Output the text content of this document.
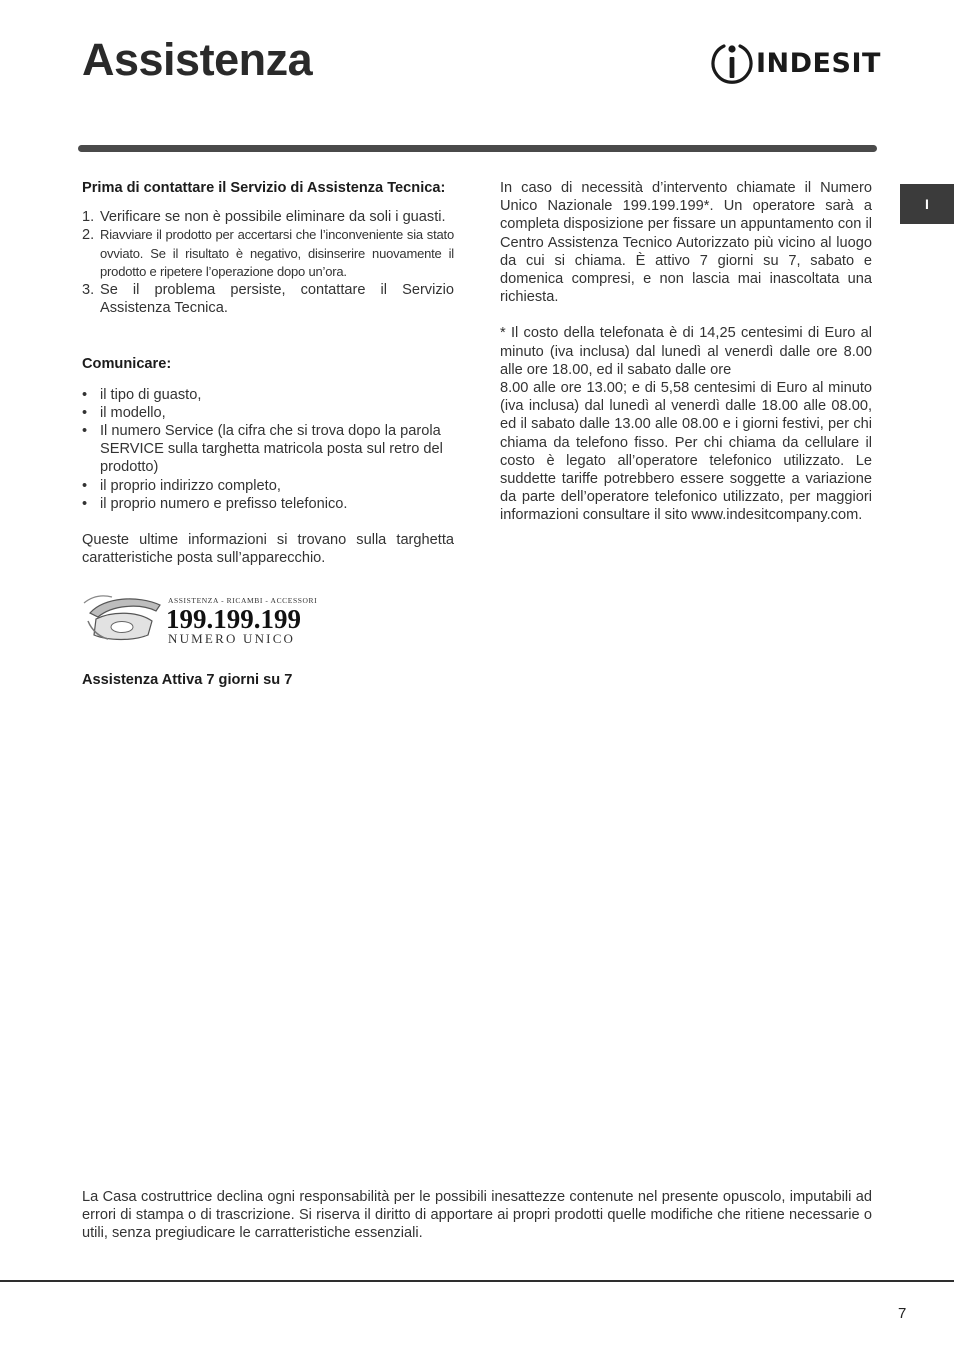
Assistenza	INDESIT
I

Prima di contattare il Servizio di Assistenza Tecnica:

1. Verificare se non è possibile eliminare da soli i guasti.
2. Riavviare il prodotto per accertarsi che l’inconveniente sia stato ovviato. Se il risultato è negativo, disinserire nuovamente il prodotto e ripetere l’operazione dopo un’ora.
3. Se il problema persiste, contattare il Servizio Assistenza Tecnica.

Comunicare:

• il tipo di guasto,
• il modello,
• Il numero Service (la cifra che si trova dopo la parola SERVICE sulla targhetta matricola posta sul retro del prodotto)
• il proprio indirizzo completo,
• il proprio numero e prefisso telefonico.

Queste ultime informazioni si trovano sulla targhetta caratteristiche posta sull’apparecchio.

ASSISTENZA - RICAMBI - ACCESSORI
199.199.199
NUMERO UNICO

Assistenza Attiva 7 giorni su 7

In caso di necessità d’intervento chiamate il Numero Unico Nazionale 199.199.199*. Un operatore sarà a completa disposizione per fissare un appuntamento con il Centro Assistenza Tecnico Autorizzato più vicino al luogo da cui si chiama. È attivo 7 giorni su 7, sabato e domenica compresi, e non lascia mai inascoltata una richiesta.

* Il costo della telefonata è di 14,25 centesimi di Euro al minuto (iva inclusa) dal lunedì al venerdì dalle ore 8.00 alle ore 18.00, ed il sabato dalle ore

8.00 alle ore 13.00; e di 5,58 centesimi di Euro al minuto (iva inclusa) dal lunedì al venerdì dalle 18.00 alle 08.00, ed il sabato dalle 13.00 alle 08.00 e i giorni festivi, per chi chiama da telefono fisso. Per chi chiama da cellulare il costo è legato all’operatore telefonico utilizzato. Le suddette tariffe potrebbero essere soggette a variazione da parte dell’operatore telefonico utilizzato, per maggiori informazioni consultare il sito www.indesitcompany.com.

La Casa costruttrice declina ogni responsabilità per le possibili inesattezze contenute nel presente opuscolo, imputabili ad errori di stampa o di trascrizione. Si riserva il diritto di apportare ai propri prodotti quelle modifiche che ritiene necessarie o utili, senza pregiudicare le carratteristiche essenziali.
7
